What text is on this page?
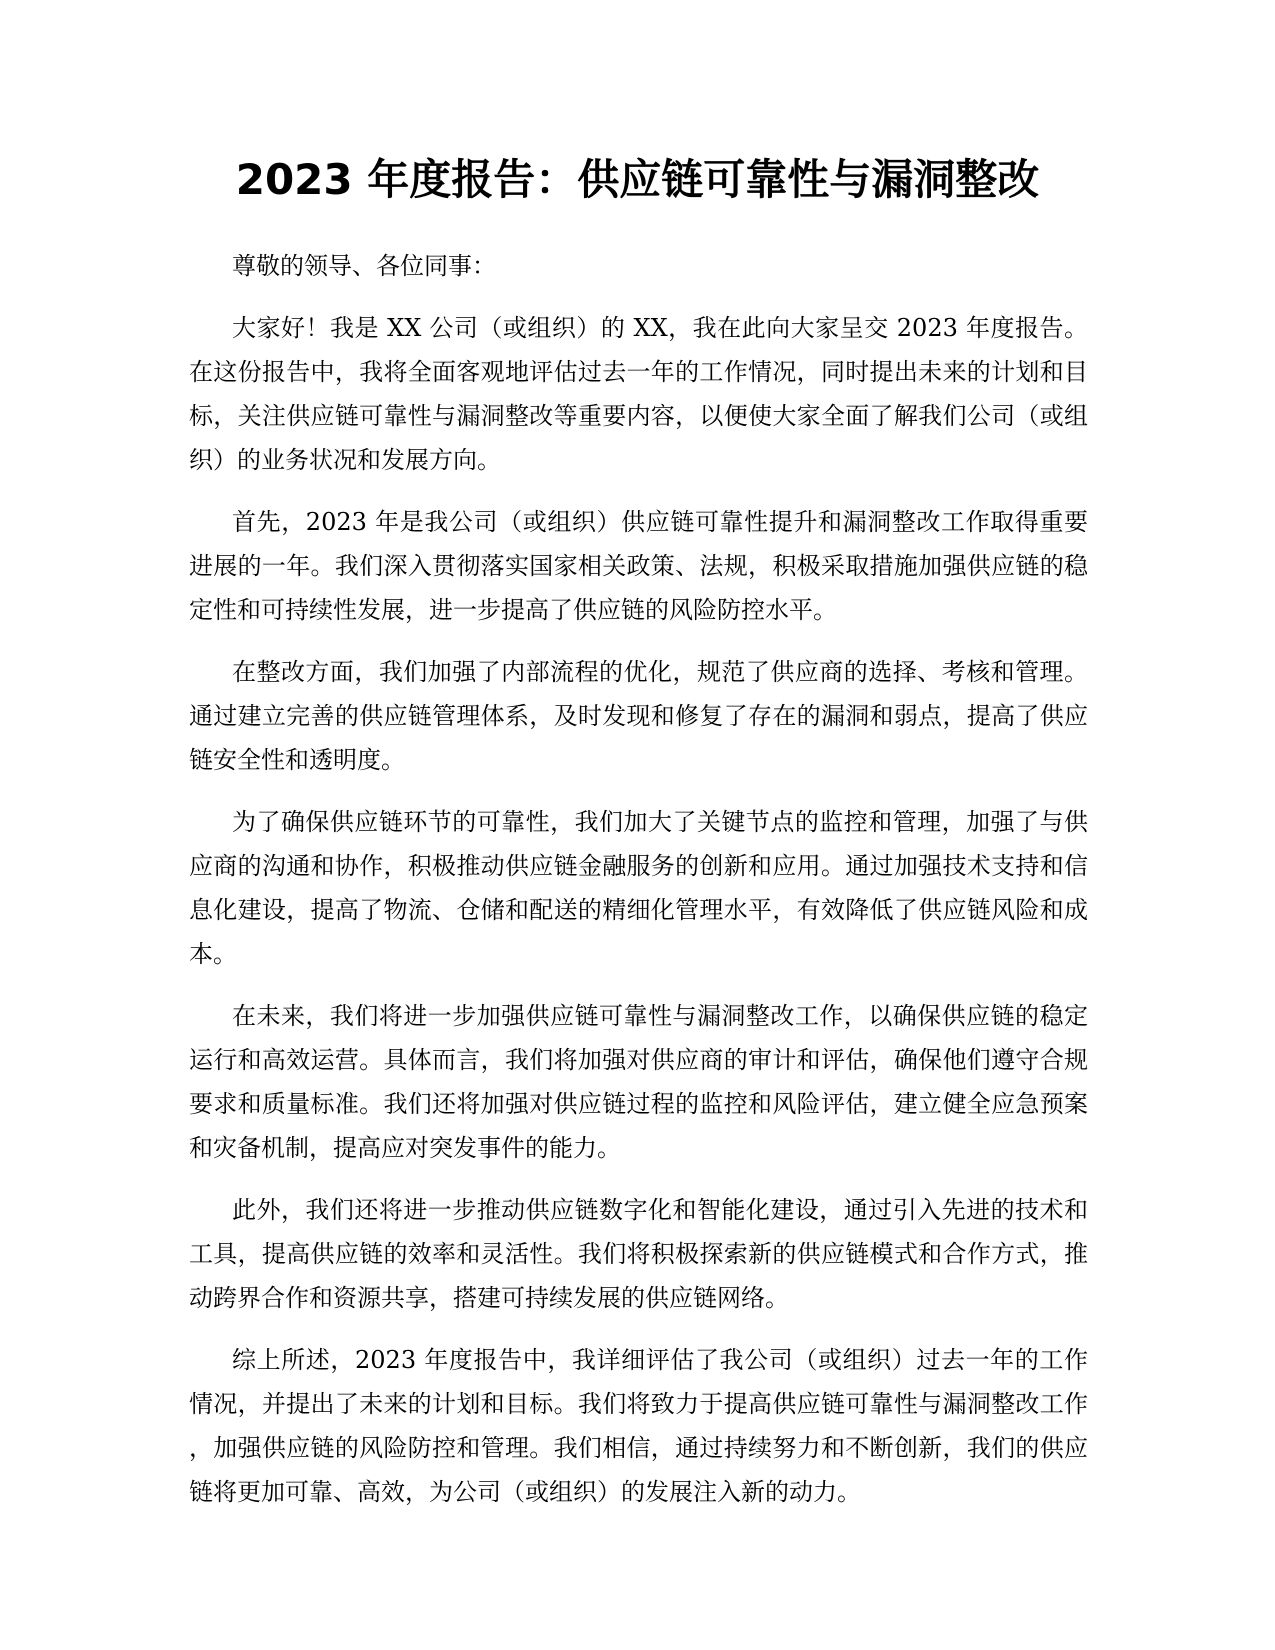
2023 年度报告：供应链可靠性与漏洞整改

尊敬的领导、各位同事：

大家好！我是 XX 公司（或组织）的 XX，我在此向大家呈交 2023 年度报告。在这份报告中，我将全面客观地评估过去一年的工作情况，同时提出未来的计划和目标，关注供应链可靠性与漏洞整改等重要内容，以便使大家全面了解我们公司（或组织）的业务状况和发展方向。

首先，2023 年是我公司（或组织）供应链可靠性提升和漏洞整改工作取得重要进展的一年。我们深入贯彻落实国家相关政策、法规，积极采取措施加强供应链的稳定性和可持续性发展，进一步提高了供应链的风险防控水平。

在整改方面，我们加强了内部流程的优化，规范了供应商的选择、考核和管理。通过建立完善的供应链管理体系，及时发现和修复了存在的漏洞和弱点，提高了供应链安全性和透明度。

为了确保供应链环节的可靠性，我们加大了关键节点的监控和管理，加强了与供应商的沟通和协作，积极推动供应链金融服务的创新和应用。通过加强技术支持和信息化建设，提高了物流、仓储和配送的精细化管理水平，有效降低了供应链风险和成本。

在未来，我们将进一步加强供应链可靠性与漏洞整改工作，以确保供应链的稳定运行和高效运营。具体而言，我们将加强对供应商的审计和评估，确保他们遵守合规要求和质量标准。我们还将加强对供应链过程的监控和风险评估，建立健全应急预案和灾备机制，提高应对突发事件的能力。

此外，我们还将进一步推动供应链数字化和智能化建设，通过引入先进的技术和工具，提高供应链的效率和灵活性。我们将积极探索新的供应链模式和合作方式，推动跨界合作和资源共享，搭建可持续发展的供应链网络。

综上所述，2023 年度报告中，我详细评估了我公司（或组织）过去一年的工作情况，并提出了未来的计划和目标。我们将致力于提高供应链可靠性与漏洞整改工作，加强供应链的风险防控和管理。我们相信，通过持续努力和不断创新，我们的供应链将更加可靠、高效，为公司（或组织）的发展注入新的动力。
